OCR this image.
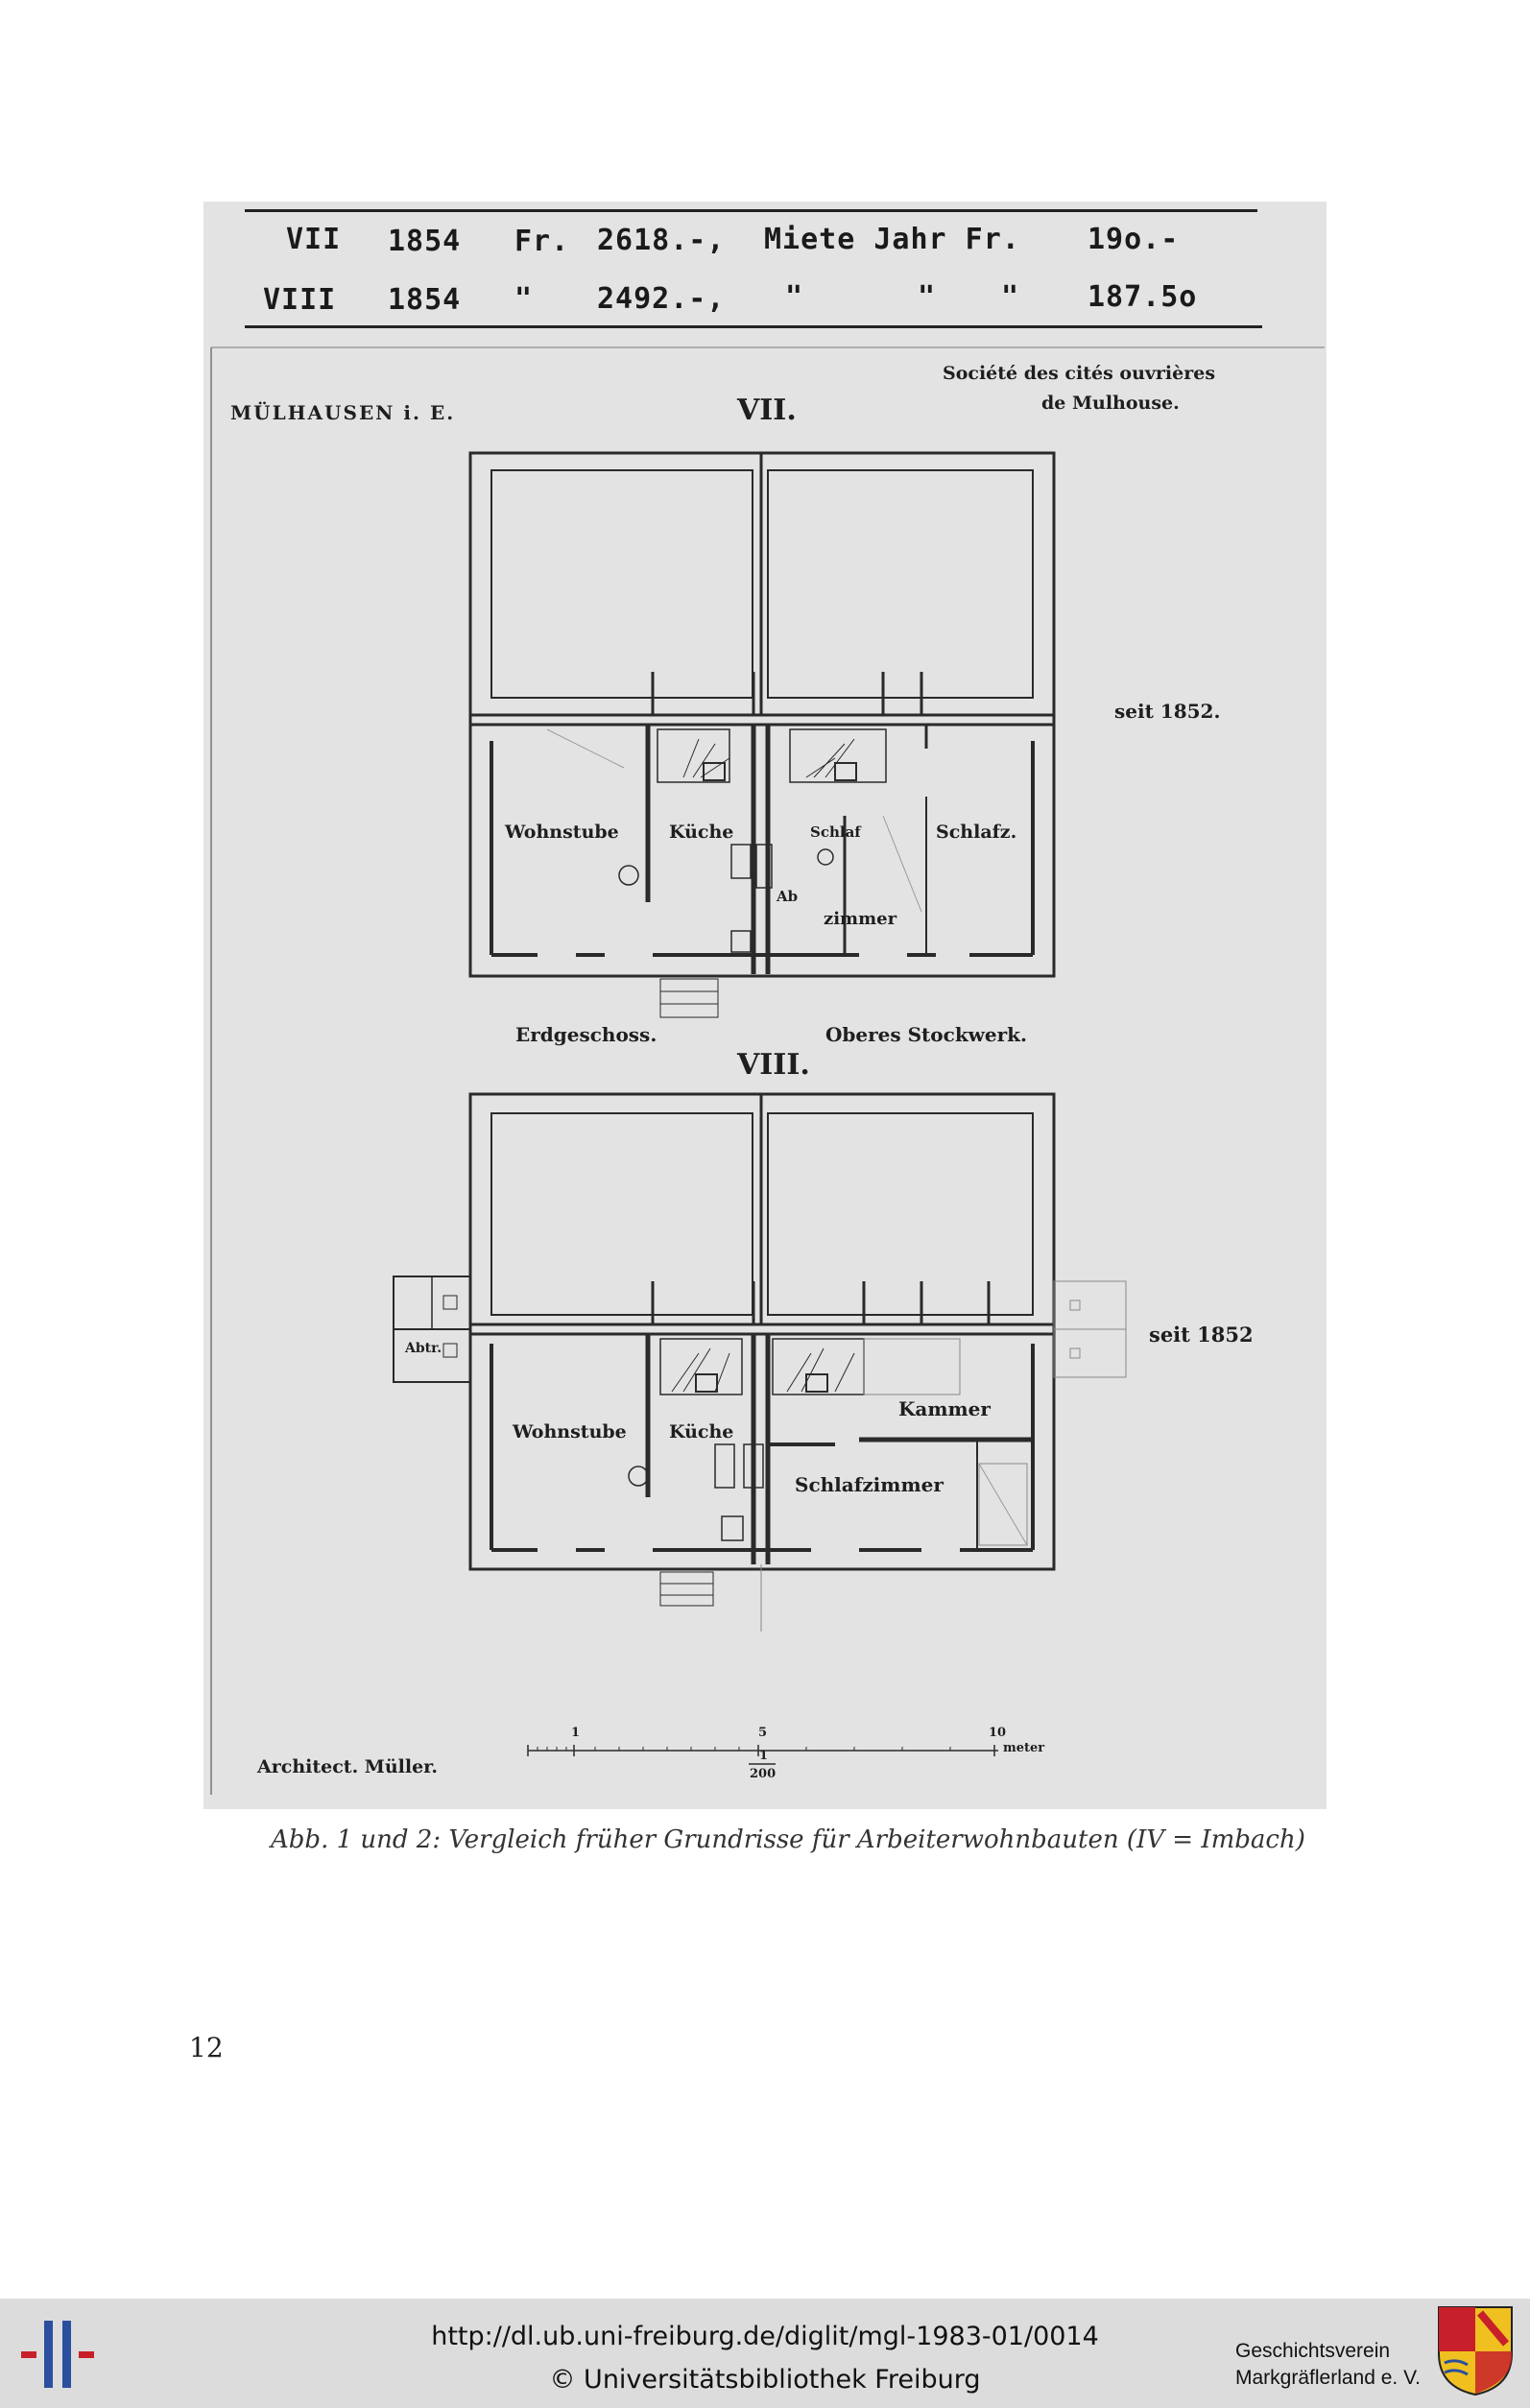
VII 1854 Fr. 2618.-, Miete Jahr Fr. 19o.-
VIII 1854 " 2492.-, "	" " 187.5o
MÜLHAUSEN i. E.
Société des cités ouvrières
de Mulhouse.
VII.
seit 1852.
Wohnstube	Küche	Schlaf
Ab
zimmer
Schlafz.
Erdgeschoss.	Oberes Stockwerk.
VIII.
seit 1852
Abtr.
Wohnstube Küche
Kammer
Schlafzimmer
Architect. Müller.
1	5	10
meter
1
200
Abb. 1 und 2: Vergleich früher Grundrisse für Arbeiterwohnbauten (IV = Imbach)
12
http://dl.ub.uni-freiburg.de/diglit/mgl-1983-01/0014
© Universitätsbibliothek Freiburg
Geschichtsverein
Markgräflerland e. V.
